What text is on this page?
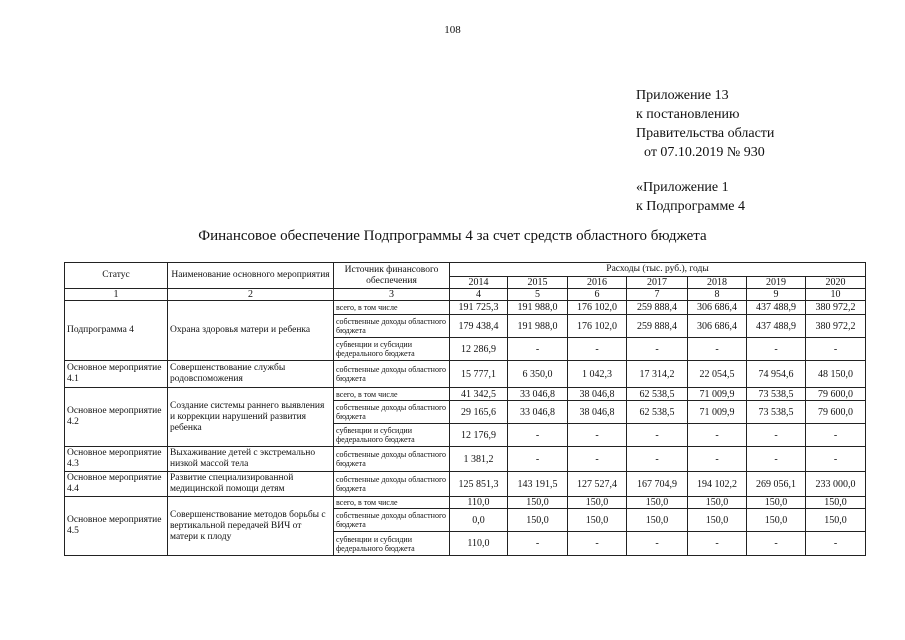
108
Приложение 13
к постановлению
Правительства области
от 07.10.2019 № 930
«Приложение 1
к Подпрограмме 4
Финансовое обеспечение Подпрограммы 4 за счет средств областного бюджета
Статус	Наименование основного мероприятия	Источник финансового обеспечения	Расходы (тыс. руб.), годы						
			2014	2015	2016	2017	2018	2019	2020
1	2	3	4	5	6	7	8	9	10
Подпрограмма 4	Охрана здоровья матери и ребенка	всего, в том числе	191 725,3	191 988,0	176 102,0	259 888,4	306 686,4	437 488,9	380 972,2
		собственные доходы областного бюджета	179 438,4	191 988,0	176 102,0	259 888,4	306 686,4	437 488,9	380 972,2
		субвенции и субсидии федерального бюджета	12 286,9	-	-	-	-	-	-
Основное мероприятие 4.1	Совершенствование службы родовспоможения	собственные доходы областного бюджета	15 777,1	6 350,0	1 042,3	17 314,2	22 054,5	74 954,6	48 150,0
Основное мероприятие 4.2	Создание системы раннего выявления и коррекции нарушений развития ребенка	всего, в том числе	41 342,5	33 046,8	38 046,8	62 538,5	71 009,9	73 538,5	79 600,0
		собственные доходы областного бюджета	29 165,6	33 046,8	38 046,8	62 538,5	71 009,9	73 538,5	79 600,0
		субвенции и субсидии федерального бюджета	12 176,9	-	-	-	-	-	-
Основное мероприятие 4.3	Выхаживание детей с экстремально низкой массой тела	собственные доходы областного бюджета	1 381,2	-	-	-	-	-	-
Основное мероприятие 4.4	Развитие специализированной медицинской помощи детям	собственные доходы областного бюджета	125 851,3	143 191,5	127 527,4	167 704,9	194 102,2	269 056,1	233 000,0
Основное мероприятие 4.5	Совершенствование методов борьбы с вертикальной передачей ВИЧ от матери к плоду	всего, в том числе	110,0	150,0	150,0	150,0	150,0	150,0	150,0
		собственные доходы областного бюджета	0,0	150,0	150,0	150,0	150,0	150,0	150,0
		субвенции и субсидии федерального бюджета	110,0	-	-	-	-	-	-
